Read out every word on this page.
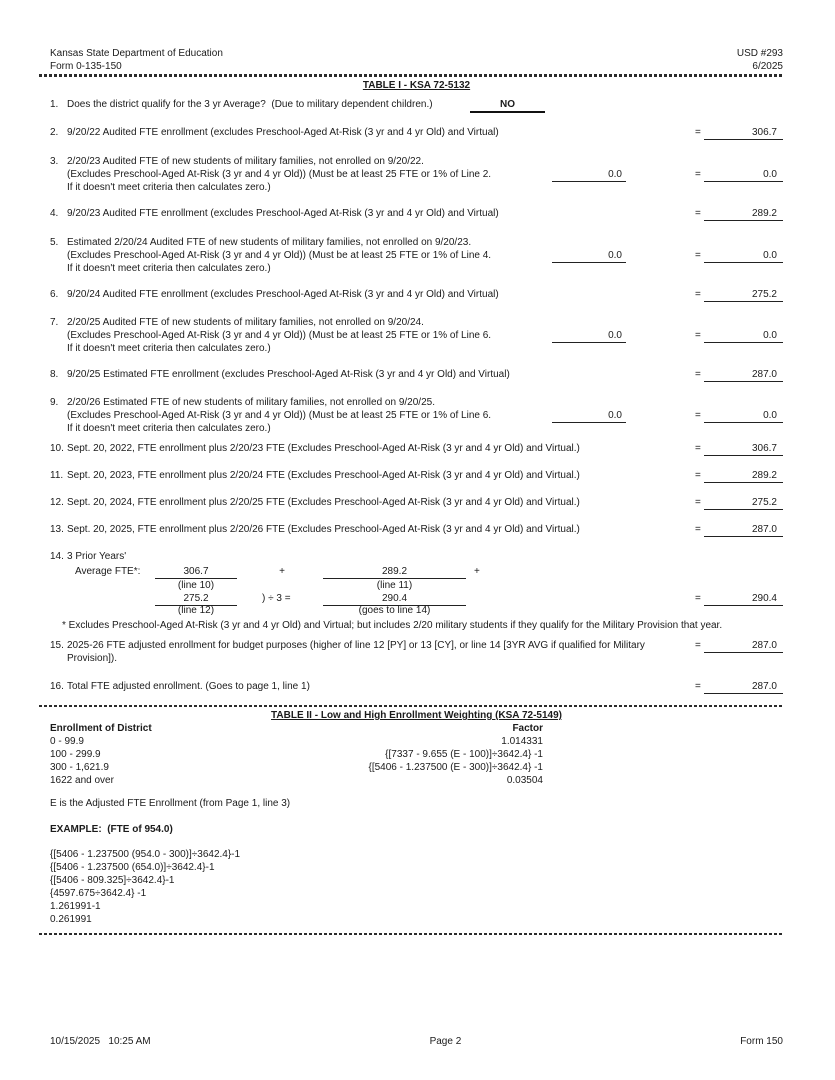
Kansas State Department of Education	USD #293
Form 0-135-150	6/2025
TABLE I - KSA 72-5132
1. Does the district qualify for the 3 yr Average?  (Due to military dependent children.)	NO
2. 9/20/22 Audited FTE enrollment (excludes Preschool-Aged At-Risk (3 yr and 4 yr Old) and Virtual)	=	306.7
3. 2/20/23 Audited FTE of new students of military families, not enrolled on 9/20/22.
(Excludes Preschool-Aged At-Risk (3 yr and 4 yr Old)) (Must be at least 25 FTE or 1% of Line 2.
If it doesn't meet criteria then calculates zero.)
0.0	=	0.0
4. 9/20/23 Audited FTE enrollment (excludes Preschool-Aged At-Risk (3 yr and 4 yr Old) and Virtual)	=	289.2
5. Estimated 2/20/24 Audited FTE of new students of military families, not enrolled on 9/20/23.
(Excludes Preschool-Aged At-Risk (3 yr and 4 yr Old)) (Must be at least 25 FTE or 1% of Line 4.
If it doesn't meet criteria then calculates zero.)
0.0	=	0.0
6. 9/20/24 Audited FTE enrollment (excludes Preschool-Aged At-Risk (3 yr and 4 yr Old) and Virtual)	=	275.2
7. 2/20/25 Audited FTE of new students of military families, not enrolled on 9/20/24.
(Excludes Preschool-Aged At-Risk (3 yr and 4 yr Old)) (Must be at least 25 FTE or 1% of Line 6.
If it doesn't meet criteria then calculates zero.)
0.0	=	0.0
8. 9/20/25 Estimated FTE enrollment (excludes Preschool-Aged At-Risk (3 yr and 4 yr Old) and Virtual)	=	287.0
9. 2/20/26 Estimated FTE of new students of military families, not enrolled on 9/20/25.
(Excludes Preschool-Aged At-Risk (3 yr and 4 yr Old)) (Must be at least 25 FTE or 1% of Line 6.
If it doesn't meet criteria then calculates zero.)
0.0	=	0.0
10. Sept. 20, 2022, FTE enrollment plus 2/20/23 FTE (Excludes Preschool-Aged At-Risk (3 yr and 4 yr Old) and Virtual.)	=	306.7
11. Sept. 20, 2023, FTE enrollment plus 2/20/24 FTE (Excludes Preschool-Aged At-Risk (3 yr and 4 yr Old) and Virtual.)	=	289.2
12. Sept. 20, 2024, FTE enrollment plus 2/20/25 FTE (Excludes Preschool-Aged At-Risk (3 yr and 4 yr Old) and Virtual.)	=	275.2
13. Sept. 20, 2025, FTE enrollment plus 2/20/26 FTE (Excludes Preschool-Aged At-Risk (3 yr and 4 yr Old) and Virtual.)	=	287.0
14. 3 Prior Years'
Average FTE*:	306.7	+	289.2	+
(line 10)	(line 11)
275.2	) ÷ 3 =	290.4	=	290.4
(line 12)	(goes to line 14)
* Excludes Preschool-Aged At-Risk (3 yr and 4 yr Old) and Virtual; but includes 2/20 military students if they qualify for the Military Provision that year.
15. 2025-26 FTE adjusted enrollment for budget purposes (higher of line 12 [PY] or 13 [CY], or line 14 [3YR AVG if qualified for Military Provision]).
=	287.0
16. Total FTE adjusted enrollment. (Goes to page 1, line 1)	=	287.0
TABLE II - Low and High Enrollment Weighting (KSA 72-5149)
Enrollment of District	Factor
0 - 99.9	1.014331
100 - 299.9	{[7337 - 9.655 (E - 100)]÷3642.4} -1
300 - 1,621.9	{[5406 - 1.237500 (E - 300)]÷3642.4} -1
1622 and over	0.03504
E is the Adjusted FTE Enrollment (from Page 1, line 3)
EXAMPLE:  (FTE of 954.0)
{[5406 - 1.237500 (954.0 - 300)]÷3642.4}-1
{[5406 - 1.237500 (654.0)]÷3642.4}-1
{[5406 - 809.325]÷3642.4}-1
{4597.675÷3642.4} -1
1.261991-1
0.261991
10/15/2025   10:25 AM	Page 2	Form 150
